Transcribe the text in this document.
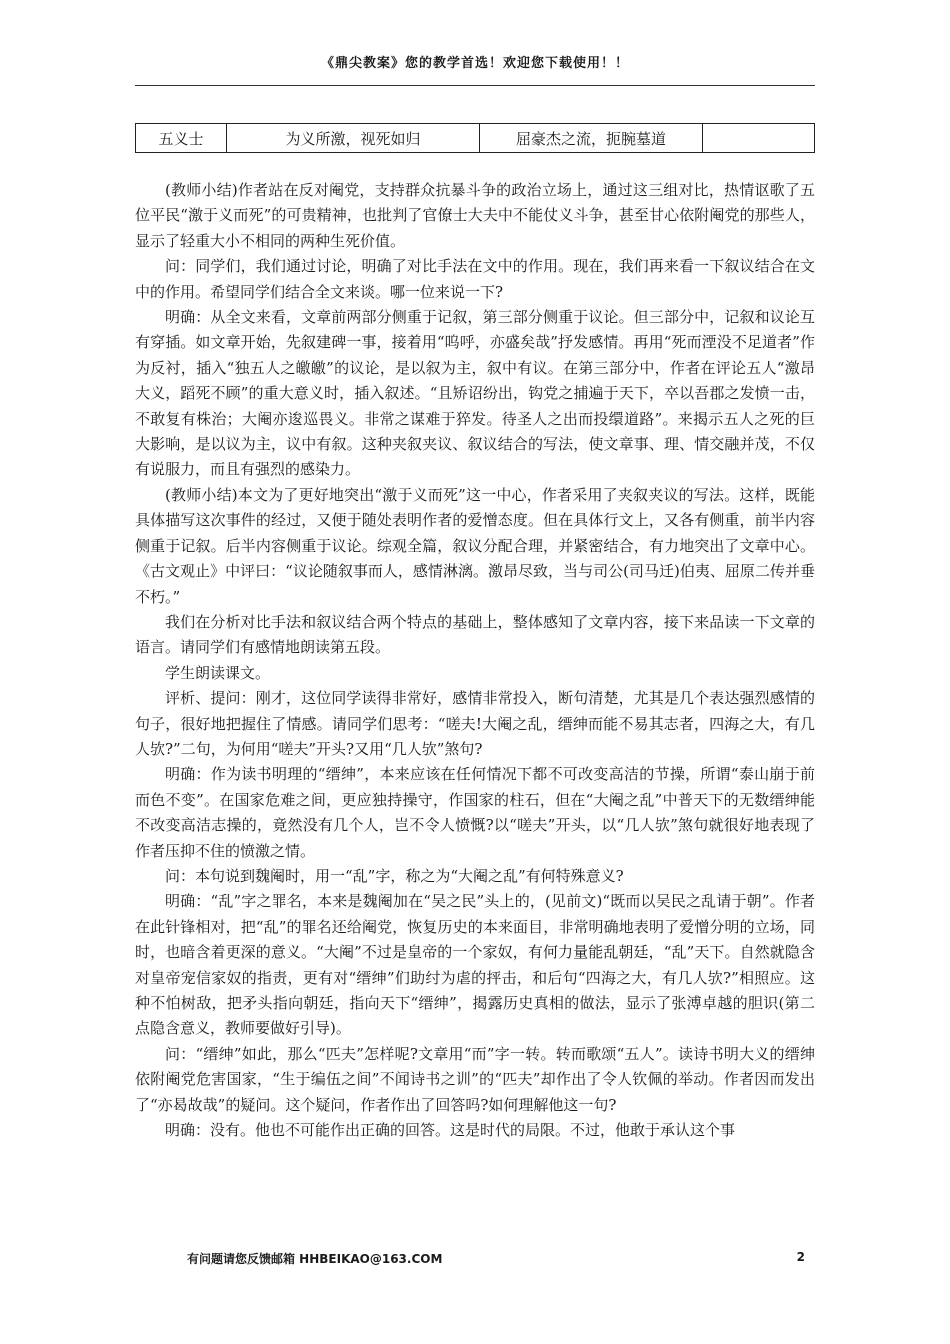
《鼎尖教案》您的教学首选！欢迎您下载使用！！
五义士	为义所激，视死如归	屈豪杰之流，扼腕墓道	

(教师小结)作者站在反对阉党，支持群众抗暴斗争的政治立场上，通过这三组对比，热情讴歌了五位平民“激于义而死”的可贵精神，也批判了官僚士大夫中不能仗义斗争，甚至甘心依附阉党的那些人，显示了轻重大小不相同的两种生死价值。

问：同学们，我们通过讨论，明确了对比手法在文中的作用。现在，我们再来看一下叙议结合在文中的作用。希望同学们结合全文来谈。哪一位来说一下?

明确：从全文来看，文章前两部分侧重于记叙，第三部分侧重于议论。但三部分中，记叙和议论互有穿插。如文章开始，先叙建碑一事，接着用“呜呼，亦盛矣哉”抒发感情。再用“死而湮没不足道者”作为反衬，插入“独五人之皦皦”的议论，是以叙为主，叙中有议。在第三部分中，作者在评论五人“激昂大义，蹈死不顾”的重大意义时，插入叙述。“且矫诏纷出，钩党之捕遍于天下，卒以吾郡之发愤一击，不敢复有株治；大阉亦逡巡畏义。非常之谋难于猝发。待圣人之出而投缳道路”。来揭示五人之死的巨大影响，是以议为主，议中有叙。这种夹叙夹议、叙议结合的写法，使文章事、理、情交融并茂，不仅有说服力，而且有强烈的感染力。

(教师小结)本文为了更好地突出“激于义而死”这一中心，作者采用了夹叙夹议的写法。这样，既能具体描写这次事件的经过，又便于随处表明作者的爱憎态度。但在具体行文上，又各有侧重，前半内容侧重于记叙。后半内容侧重于议论。综观全篇，叙议分配合理，并紧密结合，有力地突出了文章中心。《古文观止》中评曰：“议论随叙事而人，感情淋漓。激昂尽致，当与司公(司马迁)伯夷、屈原二传并垂不朽。”

我们在分析对比手法和叙议结合两个特点的基础上，整体感知了文章内容，接下来品读一下文章的语言。请同学们有感情地朗读第五段。

学生朗读课文。

评析、提问：刚才，这位同学读得非常好，感情非常投入，断句清楚，尤其是几个表达强烈感情的句子，很好地把握住了情感。请同学们思考：“嗟夫!大阉之乱，缙绅而能不易其志者，四海之大，有几人欤?”二句，为何用“嗟夫”开头?又用“几人欤”煞句?

明确：作为读书明理的“缙绅”，本来应该在任何情况下都不可改变高洁的节操，所谓“泰山崩于前而色不变”。在国家危难之间，更应独持操守，作国家的柱石，但在“大阉之乱”中普天下的无数缙绅能不改变高洁志操的，竟然没有几个人，岂不令人愤慨?以“嗟夫”开头，以“几人欤”煞句就很好地表现了作者压抑不住的愤激之情。

问：本句说到魏阉时，用一“乱”字，称之为“大阉之乱”有何特殊意义?

明确：“乱”字之罪名，本来是魏阉加在“吴之民”头上的，(见前文)“既而以吴民之乱请于朝”。作者在此针锋相对，把“乱”的罪名还给阉党，恢复历史的本来面目，非常明确地表明了爱憎分明的立场，同时，也暗含着更深的意义。“大阉”不过是皇帝的一个家奴，有何力量能乱朝廷，“乱”天下。自然就隐含对皇帝宠信家奴的指责，更有对“缙绅”们助纣为虐的抨击，和后句“四海之大，有几人欤?”相照应。这种不怕树敌，把矛头指向朝廷，指向天下“缙绅”，揭露历史真相的做法，显示了张溥卓越的胆识(第二点隐含意义，教师要做好引导)。

问：“缙绅”如此，那么“匹夫”怎样呢?文章用“而”字一转。转而歌颂“五人”。读诗书明大义的缙绅依附阉党危害国家，“生于编伍之间”不闻诗书之训”的“匹夫”却作出了令人钦佩的举动。作者因而发出了“亦曷故哉”的疑问。这个疑问，作者作出了回答吗?如何理解他这一句?

明确：没有。他也不可能作出正确的回答。这是时代的局限。不过，他敢于承认这个事

有问题请您反馈邮箱 HHBEIKAO@163.COM	2
